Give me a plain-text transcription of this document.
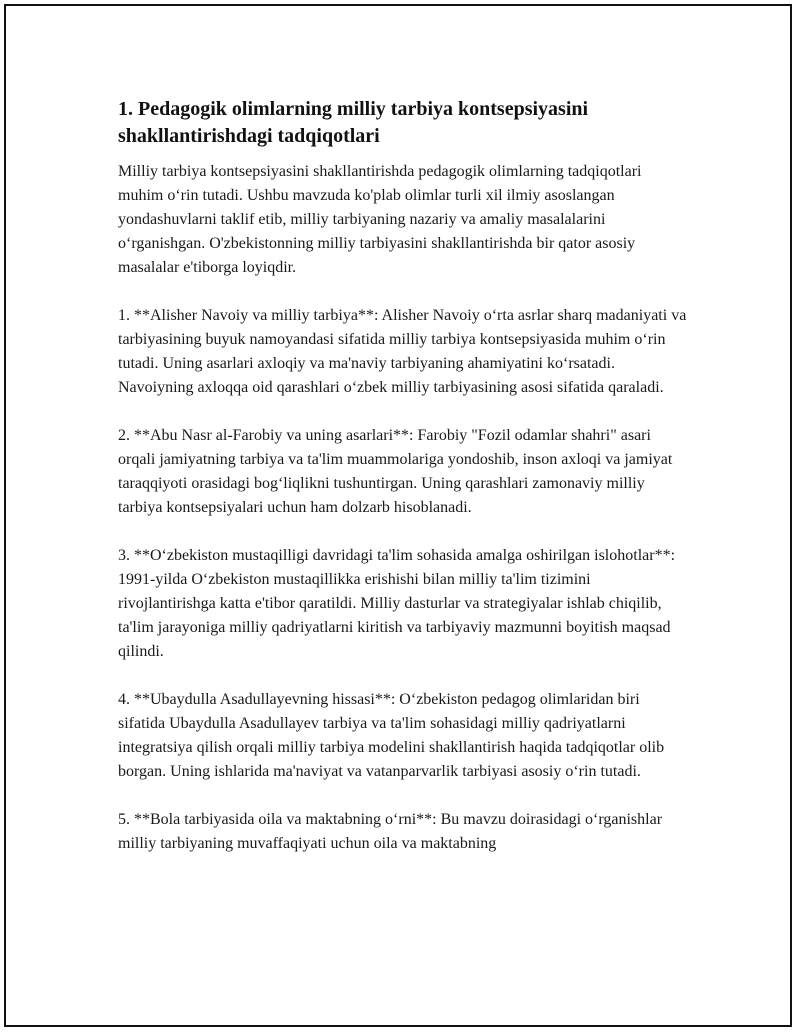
1. Pedagogik olimlarning milliy tarbiya kontsepsiyasini shakllantirishdagi tadqiqotlari

Milliy tarbiya kontsepsiyasini shakllantirishda pedagogik olimlarning tadqiqotlari muhim o‘rin tutadi. Ushbu mavzuda ko'plab olimlar turli xil ilmiy asoslangan yondashuvlarni taklif etib, milliy tarbiyaning nazariy va amaliy masalalarini o‘rganishgan. O'zbekistonning milliy tarbiyasini shakllantirishda bir qator asosiy masalalar e'tiborga loyiqdir.

1. **Alisher Navoiy va milliy tarbiya**: Alisher Navoiy o‘rta asrlar sharq madaniyati va tarbiyasining buyuk namoyandasi sifatida milliy tarbiya kontsepsiyasida muhim o‘rin tutadi. Uning asarlari axloqiy va ma'naviy tarbiyaning ahamiyatini ko‘rsatadi. Navoiyning axloqqa oid qarashlari o‘zbek milliy tarbiyasining asosi sifatida qaraladi.

2. **Abu Nasr al-Farobiy va uning asarlari**: Farobiy "Fozil odamlar shahri" asari orqali jamiyatning tarbiya va ta'lim muammolariga yondoshib, inson axloqi va jamiyat taraqqiyoti orasidagi bog‘liqlikni tushuntirgan. Uning qarashlari zamonaviy milliy tarbiya kontsepsiyalari uchun ham dolzarb hisoblanadi.

3. **O‘zbekiston mustaqilligi davridagi ta'lim sohasida amalga oshirilgan islohotlar**: 1991-yilda O‘zbekiston mustaqillikka erishishi bilan milliy ta'lim tizimini rivojlantirishga katta e'tibor qaratildi. Milliy dasturlar va strategiyalar ishlab chiqilib, ta'lim jarayoniga milliy qadriyatlarni kiritish va tarbiyaviy mazmunni boyitish maqsad qilindi.

4. **Ubaydulla Asadullayevning hissasi**: O‘zbekiston pedagog olimlaridan biri sifatida Ubaydulla Asadullayev tarbiya va ta'lim sohasidagi milliy qadriyatlarni integratsiya qilish orqali milliy tarbiya modelini shakllantirish haqida tadqiqotlar olib borgan. Uning ishlarida ma'naviyat va vatanparvarlik tarbiyasi asosiy o‘rin tutadi.

5. **Bola tarbiyasida oila va maktabning o‘rni**: Bu mavzu doirasidagi o‘rganishlar milliy tarbiyaning muvaffaqiyati uchun oila va maktabning
